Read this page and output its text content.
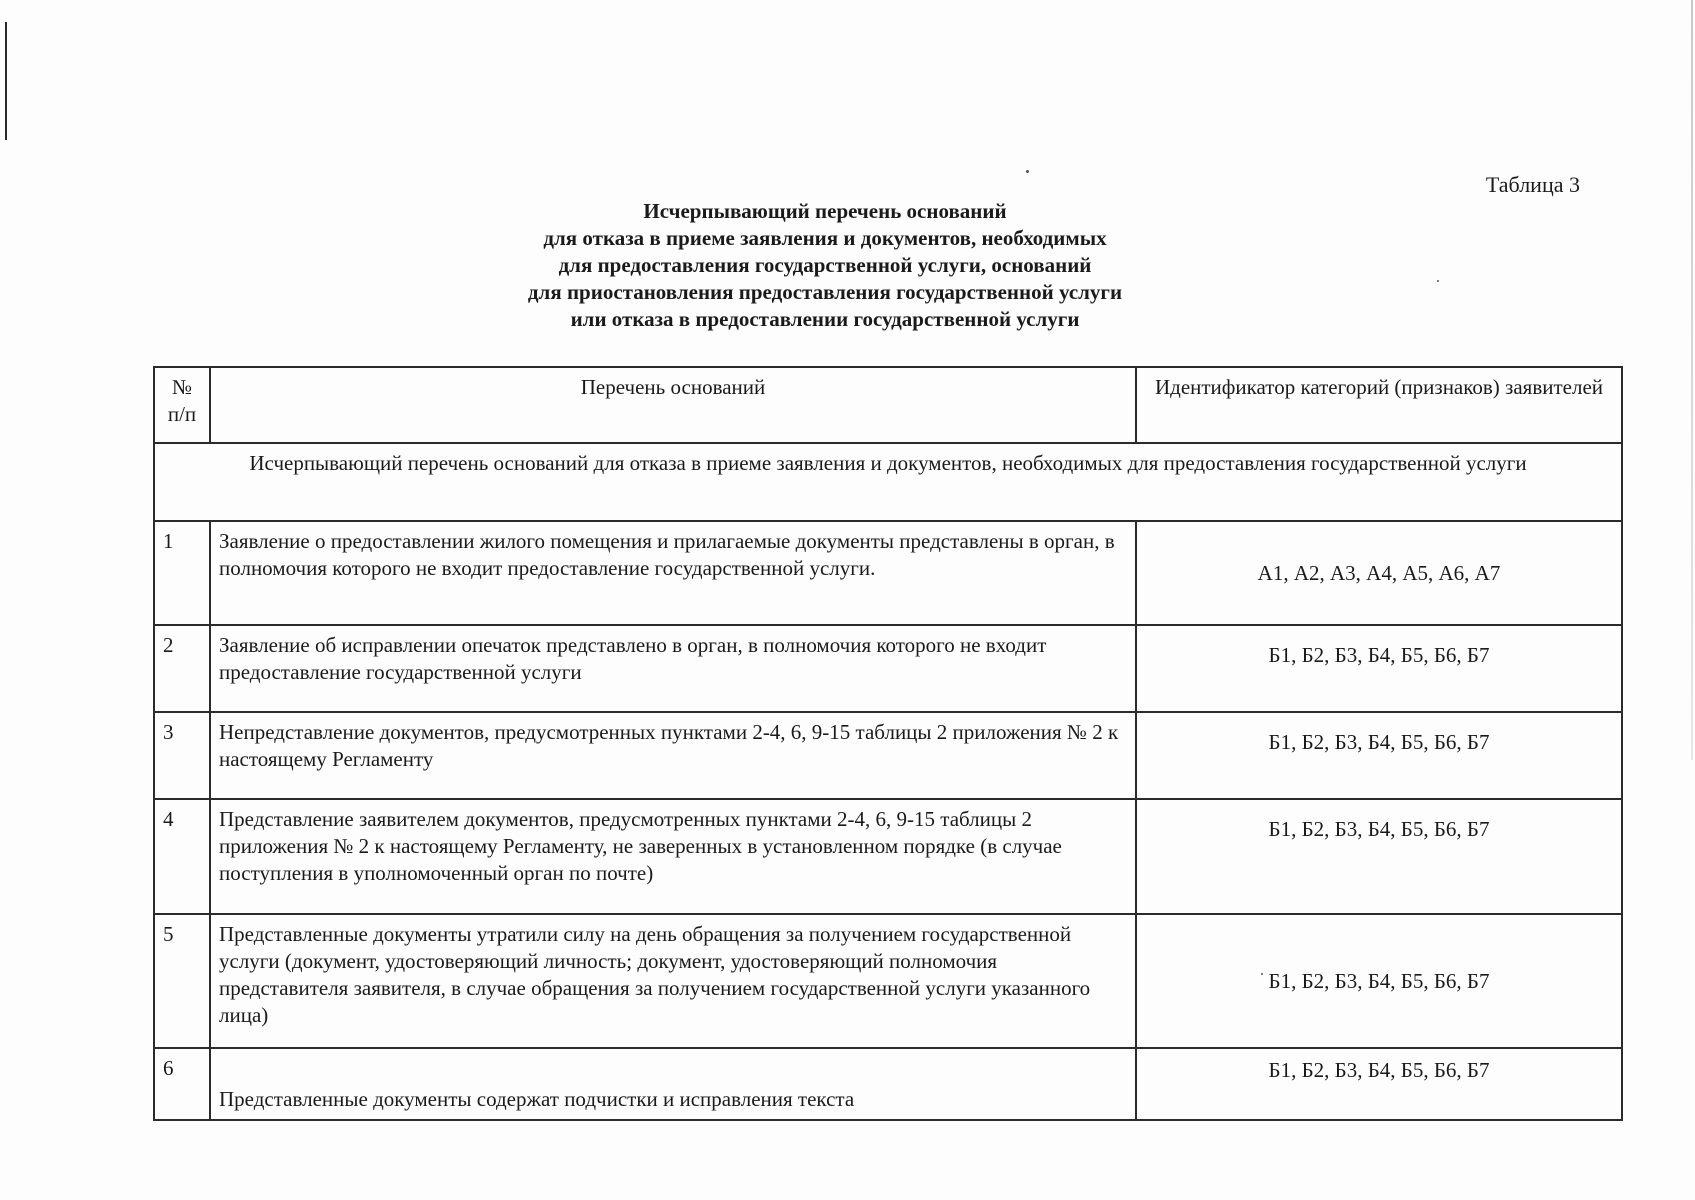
Таблица 3
Исчерпывающий перечень оснований
для отказа в приеме заявления и документов, необходимых
для предоставления государственной услуги, оснований
для приостановления предоставления государственной услуги
или отказа в предоставлении государственной услуги
№ п/п	Перечень оснований	Идентификатор категорий (признаков) заявителей
Исчерпывающий перечень оснований для отказа в приеме заявления и документов, необходимых для предоставления государственной услуги		
1	Заявление о предоставлении жилого помещения и прилагаемые документы представлены в орган, в полномочия которого не входит предоставление государственной услуги.	А1, А2, А3, А4, А5, А6, А7
2	Заявление об исправлении опечаток представлено в орган, в полномочия которого не входит предоставление государственной услуги	Б1, Б2, Б3, Б4, Б5, Б6, Б7
3	Непредставление документов, предусмотренных пунктами 2-4, 6, 9-15 таблицы 2 приложения № 2 к настоящему Регламенту	Б1, Б2, Б3, Б4, Б5, Б6, Б7
4	Представление заявителем документов, предусмотренных пунктами 2-4, 6, 9-15 таблицы 2 приложения № 2 к настоящему Регламенту, не заверенных в установленном порядке (в случае поступления в уполномоченный орган по почте)	Б1, Б2, Б3, Б4, Б5, Б6, Б7
5	Представленные документы утратили силу на день обращения за получением государственной услуги (документ, удостоверяющий личность; документ, удостоверяющий полномочия представителя заявителя, в случае обращения за получением государственной услуги указанного лица)	Б1, Б2, Б3, Б4, Б5, Б6, Б7
6	Представленные документы содержат подчистки и исправления текста	Б1, Б2, Б3, Б4, Б5, Б6, Б7
